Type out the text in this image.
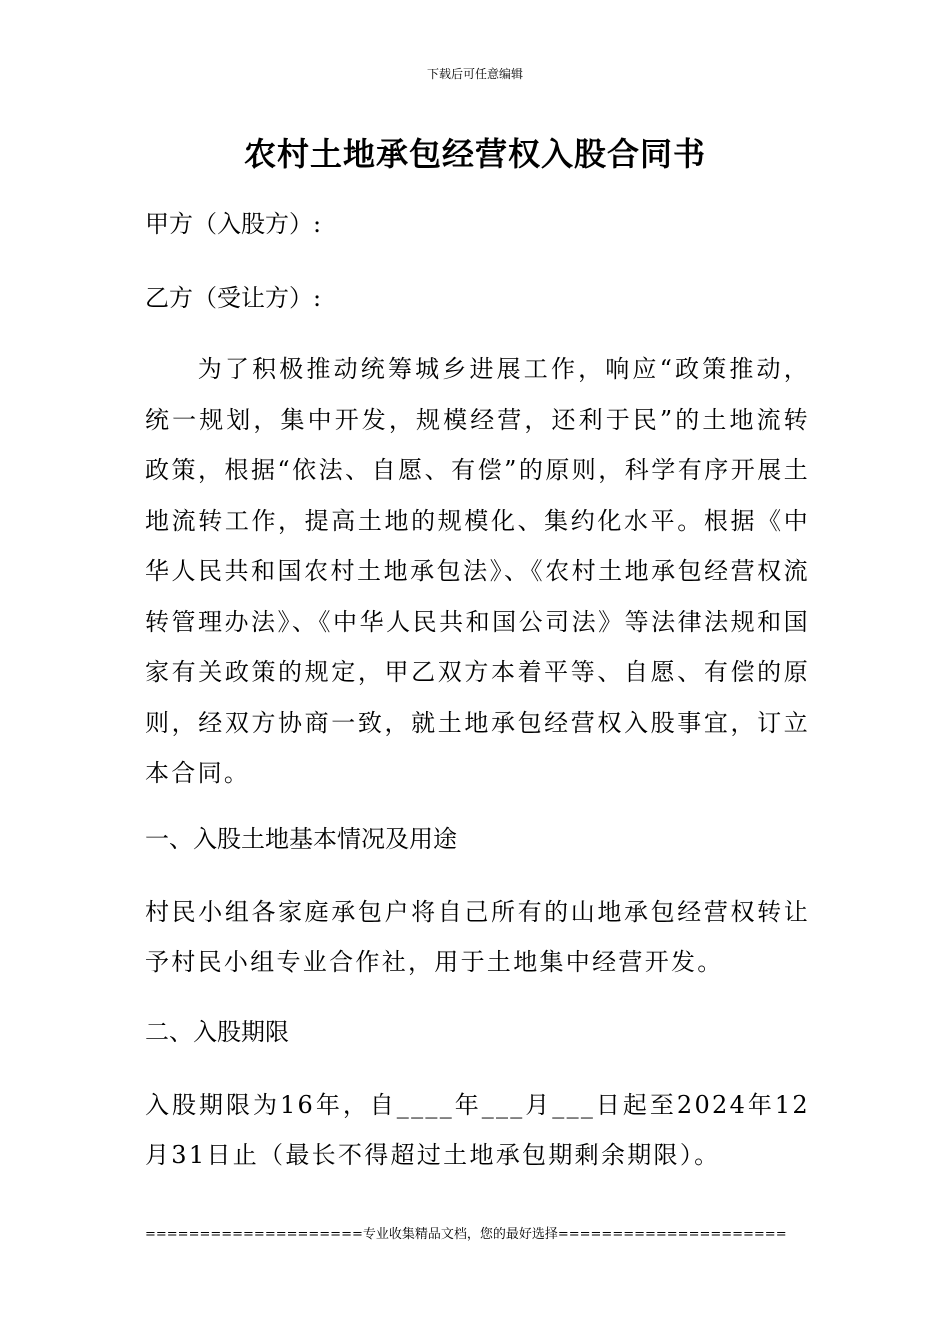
下载后可任意编辑
农村土地承包经营权入股合同书
甲方（入股方）:
乙方（受让方）:
为了积极推动统筹城乡进展工作，响应“政策推动，统一规划，集中开发，规模经营，还利于民”的土地流转政策，根据“依法、自愿、有偿”的原则，科学有序开展土地流转工作，提高土地的规模化、集约化水平。根据《中华人民共和国农村土地承包法》、《农村土地承包经营权流转管理办法》、《中华人民共和国公司法》等法律法规和国家有关政策的规定，甲乙双方本着平等、自愿、有偿的原则，经双方协商一致，就土地承包经营权入股事宜，订立本合同。
一、入股土地基本情况及用途
村民小组各家庭承包户将自己所有的山地承包经营权转让予村民小组专业合作社，用于土地集中经营开发。
二、入股期限
入股期限为16年，自____年___月___日起至2024年12月31日止（最长不得超过土地承包期剩余期限）。
====================专业收集精品文档，您的最好选择=====================
